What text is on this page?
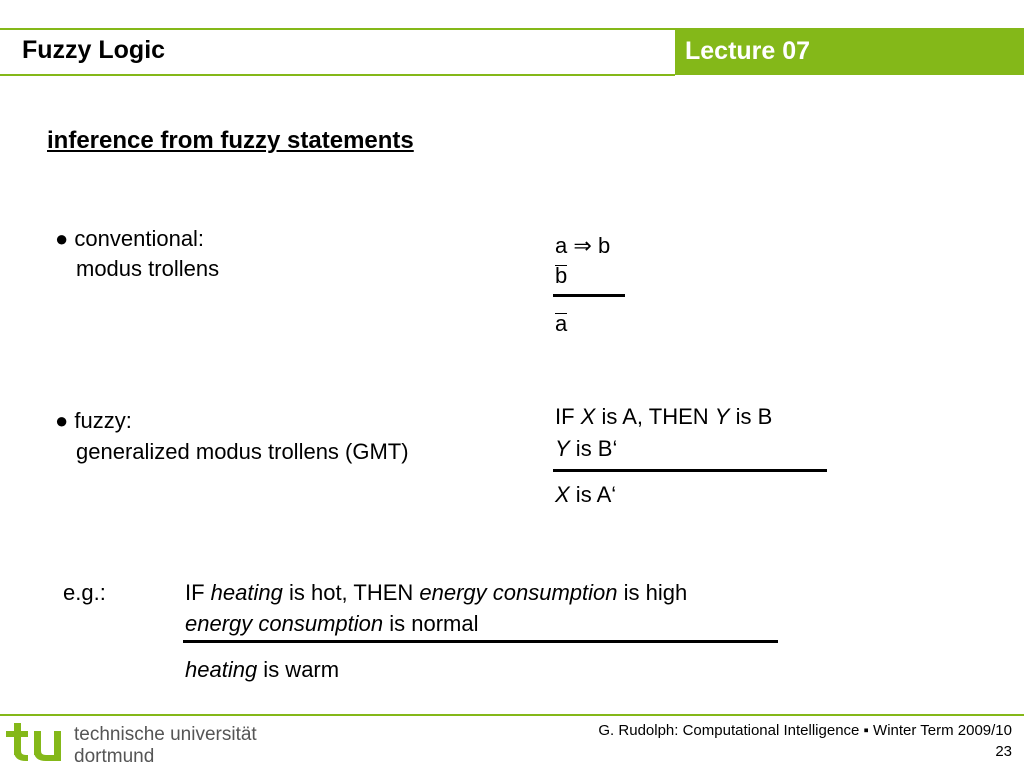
Fuzzy Logic	Lecture 07
inference from fuzzy statements
● conventional:
modus trollens
a ⇒ b
b
a
● fuzzy:
generalized modus trollens (GMT)
IF X is A, THEN Y is B
Y is B‘
X is A‘
e.g.:	IF heating is hot, THEN energy consumption is high
energy consumption is normal
heating is warm
technische universität
dortmund
G. Rudolph: Computational Intelligence ▪ Winter Term 2009/10
23
